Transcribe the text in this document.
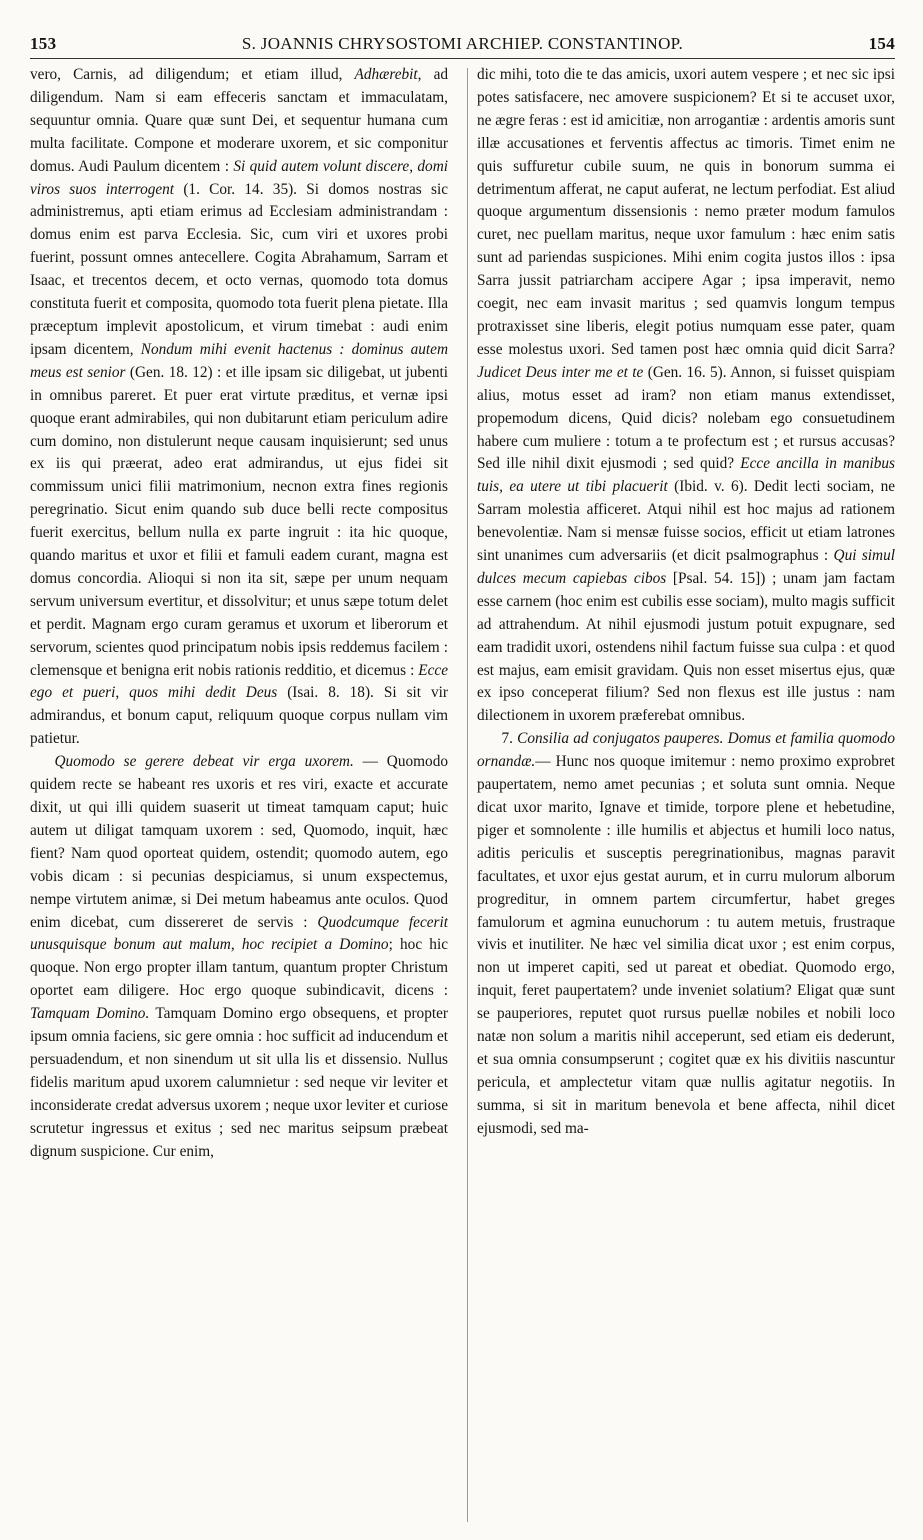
153	S. JOANNIS CHRYSOSTOMI ARCHIEP. CONSTANTINOP.	154

vero, Carnis, ad diligendum; et etiam illud, Adhærebit, ad diligendum. Nam si eam effeceris sanctam et immaculatam, sequuntur omnia. Quare quæ sunt Dei, et sequentur humana cum multa facilitate. Compone et moderare uxorem, et sic componitur domus. Audi Paulum dicentem : Si quid autem volunt discere, domi viros suos interrogent (1. Cor. 14. 35). Si domos nostras sic administremus, apti etiam erimus ad Ecclesiam administrandam : domus enim est parva Ecclesia. Sic, cum viri et uxores probi fuerint, possunt omnes antecellere. Cogita Abrahamum, Sarram et Isaac, et trecentos decem, et octo vernas, quomodo tota domus constituta fuerit et composita, quomodo tota fuerit plena pietate. Illa præceptum implevit apostolicum, et virum timebat : audi enim ipsam dicentem, Nondum mihi evenit hactenus : dominus autem meus est senior (Gen. 18. 12) : et ille ipsam sic diligebat, ut jubenti in omnibus pareret. Et puer erat virtute præditus, et vernæ ipsi quoque erant admirabiles, qui non dubitarunt etiam periculum adire cum domino, non distulerunt neque causam inquisierunt; sed unus ex iis qui præerat, adeo erat admirandus, ut ejus fidei sit commissum unici filii matrimonium, necnon extra fines regionis peregrinatio. Sicut enim quando sub duce belli recte compositus fuerit exercitus, bellum nulla ex parte ingruit : ita hic quoque, quando maritus et uxor et filii et famuli eadem curant, magna est domus concordia. Alioqui si non ita sit, sæpe per unum nequam servum universum evertitur, et dissolvitur; et unus sæpe totum delet et perdit. Magnam ergo curam geramus et uxorum et liberorum et servorum, scientes quod principatum nobis ipsis reddemus facilem : clemensque et benigna erit nobis rationis redditio, et dicemus : Ecce ego et pueri, quos mihi dedit Deus (Isai. 8. 18). Si sit vir admirandus, et bonum caput, reliquum quoque corpus nullam vim patietur.

Quomodo se gerere debeat vir erga uxorem. — Quomodo quidem recte se habeant res uxoris et res viri, exacte et accurate dixit, ut qui illi quidem suaserit ut timeat tamquam caput; huic autem ut diligat tamquam uxorem : sed, Quomodo, inquit, hæc fient? Nam quod oporteat quidem, ostendit; quomodo autem, ego vobis dicam : si pecunias despiciamus, si unum exspectemus, nempe virtutem animæ, si Dei metum habeamus ante oculos. Quod enim dicebat, cum dissereret de servis : Quodcumque fecerit unusquisque bonum aut malum, hoc recipiet a Domino; hoc hic quoque. Non ergo propter illam tantum, quantum propter Christum oportet eam diligere. Hoc ergo quoque subindicavit, dicens : Tamquam Domino. Tamquam Domino ergo obsequens, et propter ipsum omnia faciens, sic gere omnia : hoc sufficit ad inducendum et persuadendum, et non sinendum ut sit ulla lis et dissensio. Nullus fidelis maritum apud uxorem calumnietur : sed neque vir leviter et inconsiderate credat adversus uxorem ; neque uxor leviter et curiose scrutetur ingressus et exitus ; sed nec maritus seipsum præbeat dignum suspicione. Cur enim,

dic mihi, toto die te das amicis, uxori autem vespere ; et nec sic ipsi potes satisfacere, nec amovere suspicionem? Et si te accuset uxor, ne ægre feras : est id amicitiæ, non arrogantiæ : ardentis amoris sunt illæ accusationes et ferventis affectus ac timoris. Timet enim ne quis suffuretur cubile suum, ne quis in bonorum summa ei detrimentum afferat, ne caput auferat, ne lectum perfodiat. Est aliud quoque argumentum dissensionis : nemo præter modum famulos curet, nec puellam maritus, neque uxor famulum : hæc enim satis sunt ad pariendas suspiciones. Mihi enim cogita justos illos : ipsa Sarra jussit patriarcham accipere Agar ; ipsa imperavit, nemo coegit, nec eam invasit maritus ; sed quamvis longum tempus protraxisset sine liberis, elegit potius numquam esse pater, quam esse molestus uxori. Sed tamen post hæc omnia quid dicit Sarra? Judicet Deus inter me et te (Gen. 16. 5). Annon, si fuisset quispiam alius, motus esset ad iram? non etiam manus extendisset, propemodum dicens, Quid dicis? nolebam ego consuetudinem habere cum muliere : totum a te profectum est ; et rursus accusas? Sed ille nihil dixit ejusmodi ; sed quid? Ecce ancilla in manibus tuis, ea utere ut tibi placuerit (Ibid. v. 6). Dedit lecti sociam, ne Sarram molestia afficeret. Atqui nihil est hoc majus ad rationem benevolentiæ. Nam si mensæ fuisse socios, efficit ut etiam latrones sint unanimes cum adversariis (et dicit psalmographus : Qui simul dulces mecum capiebas cibos [Psal. 54. 15]) ; unam jam factam esse carnem (hoc enim est cubilis esse sociam), multo magis sufficit ad attrahendum. At nihil ejusmodi justum potuit expugnare, sed eam tradidit uxori, ostendens nihil factum fuisse sua culpa : et quod est majus, eam emisit gravidam. Quis non esset misertus ejus, quæ ex ipso conceperat filium? Sed non flexus est ille justus : nam dilectionem in uxorem præferebat omnibus.

7. Consilia ad conjugatos pauperes. Domus et familia quomodo ornandæ.— Hunc nos quoque imitemur : nemo proximo exprobret paupertatem, nemo amet pecunias ; et soluta sunt omnia. Neque dicat uxor marito, Ignave et timide, torpore plene et hebetudine, piger et somnolente : ille humilis et abjectus et humili loco natus, aditis periculis et susceptis peregrinationibus, magnas paravit facultates, et uxor ejus gestat aurum, et in curru mulorum alborum progreditur, in omnem partem circumfertur, habet greges famulorum et agmina eunuchorum : tu autem metuis, frustraque vivis et inutiliter. Ne hæc vel similia dicat uxor ; est enim corpus, non ut imperet capiti, sed ut pareat et obediat. Quomodo ergo, inquit, feret paupertatem? unde inveniet solatium? Eligat quæ sunt se pauperiores, reputet quot rursus puellæ nobiles et nobili loco natæ non solum a maritis nihil acceperunt, sed etiam eis dederunt, et sua omnia consumpserunt ; cogitet quæ ex his divitiis nascuntur pericula, et amplectetur vitam quæ nullis agitatur negotiis. In summa, si sit in maritum benevola et bene affecta, nihil dicet ejusmodi, sed ma-
